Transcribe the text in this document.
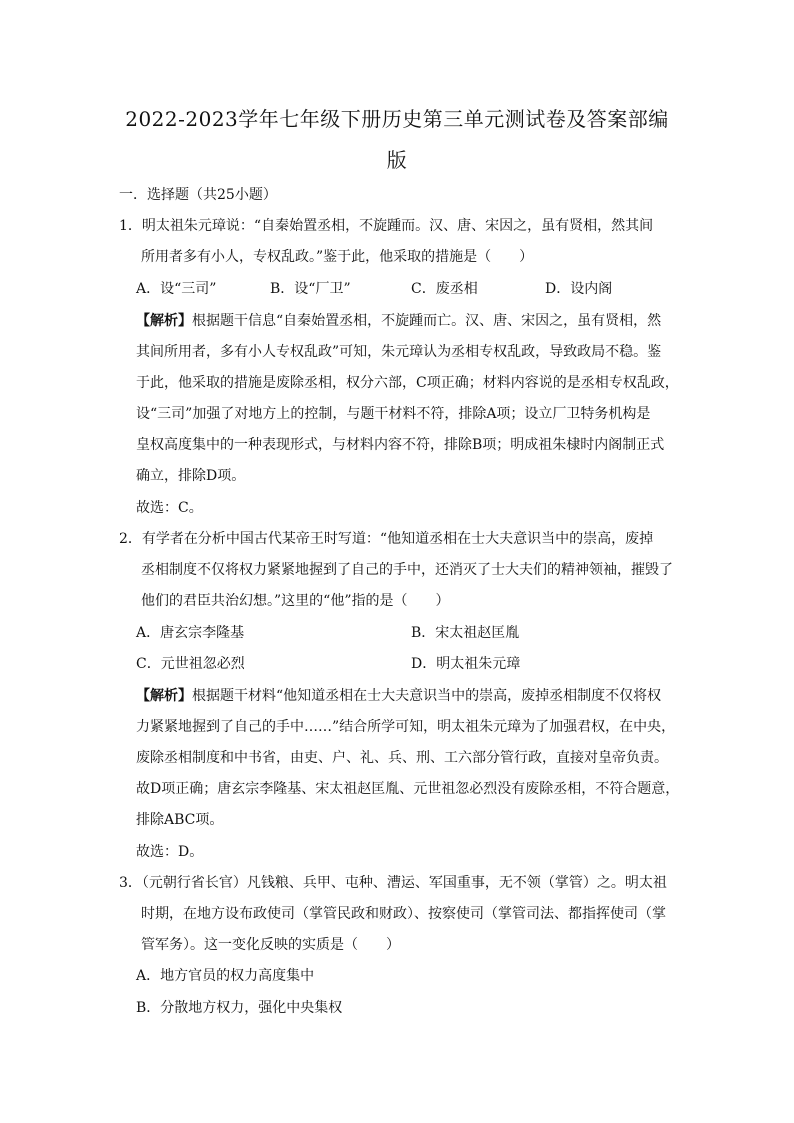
2022-2023学年七年级下册历史第三单元测试卷及答案部编
版
一．选择题（共25小题）
1．明太祖朱元璋说：“自秦始置丞相，不旋踵而。汉、唐、宋因之，虽有贤相，然其间
所用者多有小人，专权乱政。”鉴于此，他采取的措施是（　　）
A．设“三司”	B．设“厂卫”	C．废丞相	D．设内阁
【解析】根据题干信息“自秦始置丞相，不旋踵而亡。汉、唐、宋因之，虽有贤相，然
其间所用者，多有小人专权乱政”可知，朱元璋认为丞相专权乱政，导致政局不稳。鉴
于此，他采取的措施是废除丞相，权分六部，C项正确；材料内容说的是丞相专权乱政，
设“三司”加强了对地方上的控制，与题干材料不符，排除A项；设立厂卫特务机构是
皇权高度集中的一种表现形式，与材料内容不符，排除B项；明成祖朱棣时内阁制正式
确立，排除D项。
故选：C。
2．有学者在分析中国古代某帝王时写道：“他知道丞相在士大夫意识当中的崇高，废掉
丞相制度不仅将权力紧紧地握到了自己的手中，还消灭了士大夫们的精神领袖，摧毁了
他们的君臣共治幻想。”这里的“他”指的是（　　）
A．唐玄宗李隆基	B．宋太祖赵匡胤
C．元世祖忽必烈	D．明太祖朱元璋
【解析】根据题干材料“他知道丞相在士大夫意识当中的崇高，废掉丞相制度不仅将权
力紧紧地握到了自己的手中……”结合所学可知，明太祖朱元璋为了加强君权，在中央，
废除丞相制度和中书省，由吏、户、礼、兵、刑、工六部分管行政，直接对皇帝负责。
故D项正确；唐玄宗李隆基、宋太祖赵匡胤、元世祖忽必烈没有废除丞相，不符合题意，
排除ABC项。
故选：D。
3．（元朝行省长官）凡钱粮、兵甲、屯种、漕运、军国重事，无不领（掌管）之。明太祖
时期，在地方设布政使司（掌管民政和财政）、按察使司（掌管司法、都指挥使司（掌
管军务）。这一变化反映的实质是（　　）
A．地方官员的权力高度集中
B．分散地方权力，强化中央集权
